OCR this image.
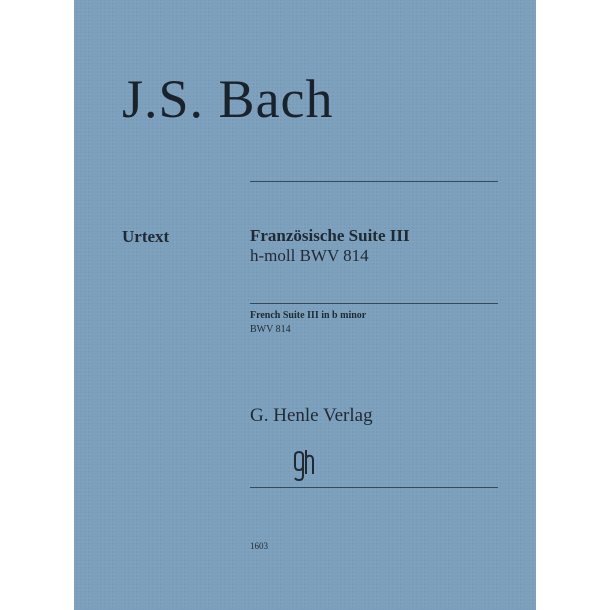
J.S. Bach
Urtext	Französische Suite III
h-moll BWV 814
French Suite III in b minor
BWV 814
G. Henle Verlag
1603
